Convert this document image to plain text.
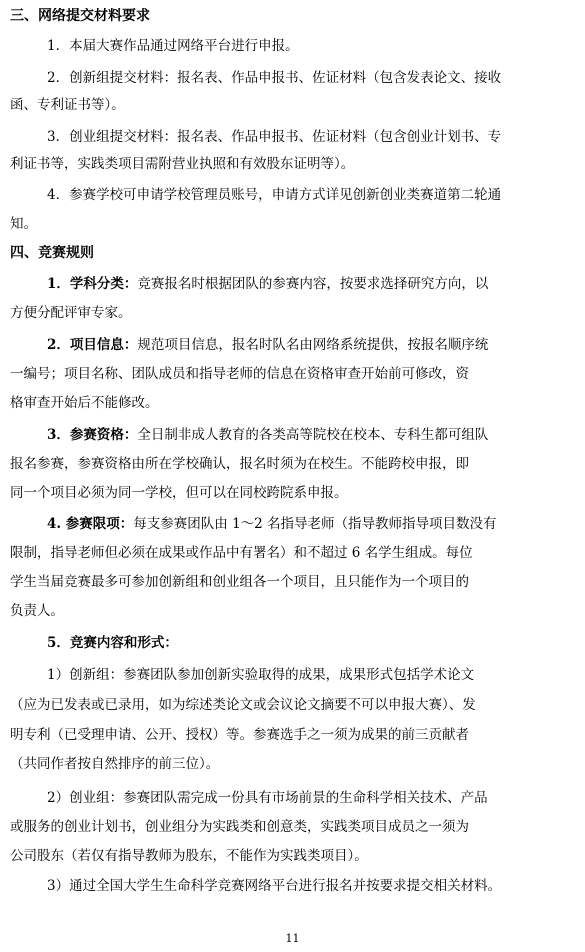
三、网络提交材料要求
1．本届大赛作品通过网络平台进行申报。
2．创新组提交材料：报名表、作品申报书、佐证材料（包含发表论文、接收
函、专利证书等）。
3．创业组提交材料：报名表、作品申报书、佐证材料（包含创业计划书、专
利证书等，实践类项目需附营业执照和有效股东证明等）。
4．参赛学校可申请学校管理员账号，申请方式详见创新创业类赛道第二轮通
知。
四、竞赛规则
1．学科分类：竞赛报名时根据团队的参赛内容，按要求选择研究方向，以
方便分配评审专家。
2．项目信息：规范项目信息，报名时队名由网络系统提供，按报名顺序统
一编号；项目名称、团队成员和指导老师的信息在资格审查开始前可修改，资
格审查开始后不能修改。
3．参赛资格：全日制非成人教育的各类高等院校在校本、专科生都可组队
报名参赛，参赛资格由所在学校确认，报名时须为在校生。不能跨校申报，即
同一个项目必须为同一学校，但可以在同校跨院系申报。
4. 参赛限项：每支参赛团队由 1～2 名指导老师（指导教师指导项目数没有
限制，指导老师但必须在成果或作品中有署名）和不超过 6 名学生组成。每位
学生当届竞赛最多可参加创新组和创业组各一个项目，且只能作为一个项目的
负责人。
5．竞赛内容和形式：
1）创新组：参赛团队参加创新实验取得的成果，成果形式包括学术论文
（应为已发表或已录用，如为综述类论文或会议论文摘要不可以申报大赛）、发
明专利（已受理申请、公开、授权）等。参赛选手之一须为成果的前三贡献者
（共同作者按自然排序的前三位）。
2）创业组：参赛团队需完成一份具有市场前景的生命科学相关技术、产品
或服务的创业计划书，创业组分为实践类和创意类，实践类项目成员之一须为
公司股东（若仅有指导教师为股东，不能作为实践类项目）。
3）通过全国大学生生命科学竞赛网络平台进行报名并按要求提交相关材料。
11
